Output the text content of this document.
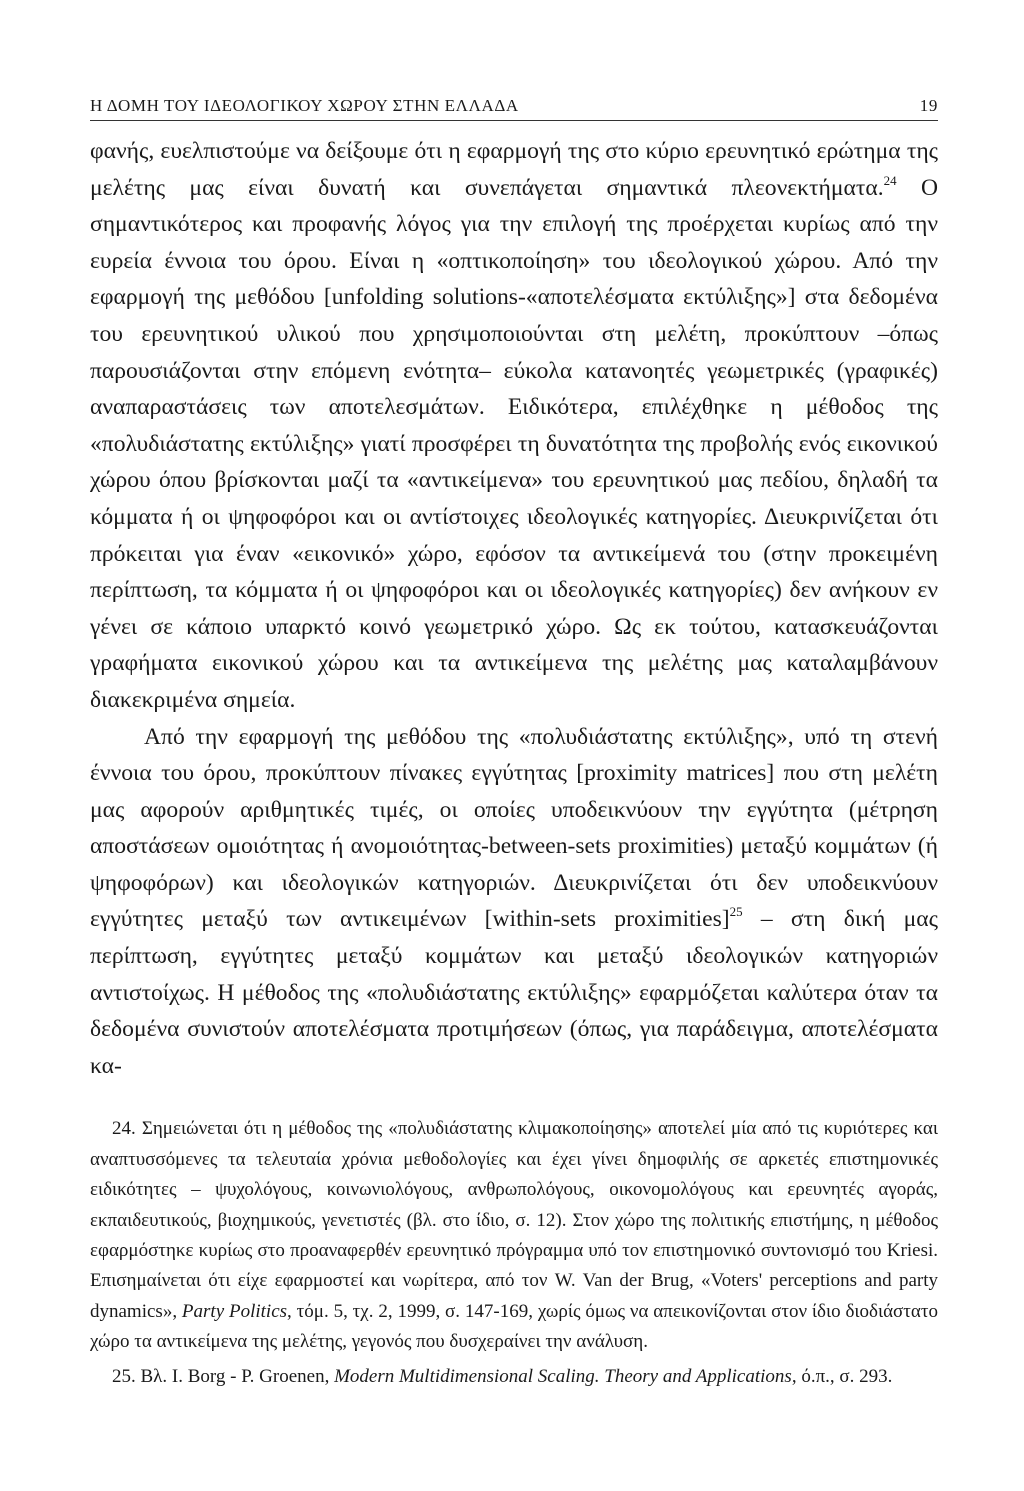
Η ΔΟΜΗ ΤΟΥ ΙΔΕΟΛΟΓΙΚΟΥ ΧΩΡΟΥ ΣΤΗΝ ΕΛΛΑΔΑ	19

φανής, ευελπιστούμε να δείξουμε ότι η εφαρμογή της στο κύριο ερευνητικό ερώτημα της μελέτης μας είναι δυνατή και συνεπάγεται σημαντικά πλεονεκτήματα.$^{24}$ Ο σημαντικότερος και προφανής λόγος για την επιλογή της προέρχεται κυρίως από την ευρεία έννοια του όρου. Είναι η «οπτικοποίηση» του ιδεολογικού χώρου. Από την εφαρμογή της μεθόδου [unfolding solutions-«αποτελέσματα εκτύλιξης»] στα δεδομένα του ερευνητικού υλικού που χρησιμοποιούνται στη μελέτη, προκύπτουν –όπως παρουσιάζονται στην επόμενη ενότητα– εύκολα κατανοητές γεωμετρικές (γραφικές) αναπαραστάσεις των αποτελεσμάτων. Ειδικότερα, επιλέχθηκε η μέθοδος της «πολυδιάστατης εκτύλιξης» γιατί προσφέρει τη δυνατότητα της προβολής ενός εικονικού χώρου όπου βρίσκονται μαζί τα «αντικείμενα» του ερευνητικού μας πεδίου, δηλαδή τα κόμματα ή οι ψηφοφόροι και οι αντίστοιχες ιδεολογικές κατηγορίες. Διευκρινίζεται ότι πρόκειται για έναν «εικονικό» χώρο, εφόσον τα αντικείμενά του (στην προκειμένη περίπτωση, τα κόμματα ή οι ψηφοφόροι και οι ιδεολογικές κατηγορίες) δεν ανήκουν εν γένει σε κάποιο υπαρκτό κοινό γεωμετρικό χώρο. Ως εκ τούτου, κατασκευάζονται γραφήματα εικονικού χώρου και τα αντικείμενα της μελέτης μας καταλαμβάνουν διακεκριμένα σημεία.

Από την εφαρμογή της μεθόδου της «πολυδιάστατης εκτύλιξης», υπό τη στενή έννοια του όρου, προκύπτουν πίνακες εγγύτητας [proximity matrices] που στη μελέτη μας αφορούν αριθμητικές τιμές, οι οποίες υποδεικνύουν την εγγύτητα (μέτρηση αποστάσεων ομοιότητας ή ανομοιότητας-between-sets proximities) μεταξύ κομμάτων (ή ψηφοφόρων) και ιδεολογικών κατηγοριών. Διευκρινίζεται ότι δεν υποδεικνύουν εγγύτητες μεταξύ των αντικειμένων [within-sets proximities]$^{25}$ – στη δική μας περίπτωση, εγγύτητες μεταξύ κομμάτων και μεταξύ ιδεολογικών κατηγοριών αντιστοίχως. Η μέθοδος της «πολυδιάστατης εκτύλιξης» εφαρμόζεται καλύτερα όταν τα δεδομένα συνιστούν αποτελέσματα προτιμήσεων (όπως, για παράδειγμα, αποτελέσματα κα-

24. Σημειώνεται ότι η μέθοδος της «πολυδιάστατης κλιμακοποίησης» αποτελεί μία από τις κυριότερες και αναπτυσσόμενες τα τελευταία χρόνια μεθοδολογίες και έχει γίνει δημοφιλής σε αρκετές επιστημονικές ειδικότητες – ψυχολόγους, κοινωνιολόγους, ανθρωπολόγους, οικονομολόγους και ερευνητές αγοράς, εκπαιδευτικούς, βιοχημικούς, γενετιστές (βλ. στο ίδιο, σ. 12). Στον χώρο της πολιτικής επιστήμης, η μέθοδος εφαρμόστηκε κυρίως στο προαναφερθέν ερευνητικό πρόγραμμα υπό τον επιστημονικό συντονισμό του Kriesi. Επισημαίνεται ότι είχε εφαρμοστεί και νωρίτερα, από τον W. Van der Brug, «Voters' perceptions and party dynamics», Party Politics, τόμ. 5, τχ. 2, 1999, σ. 147-169, χωρίς όμως να απεικονίζονται στον ίδιο διοδιάστατο χώρο τα αντικείμενα της μελέτης, γεγονός που δυσχεραίνει την ανάλυση.

25. Βλ. I. Borg - P. Groenen, Modern Multidimensional Scaling. Theory and Applications, ό.π., σ. 293.
